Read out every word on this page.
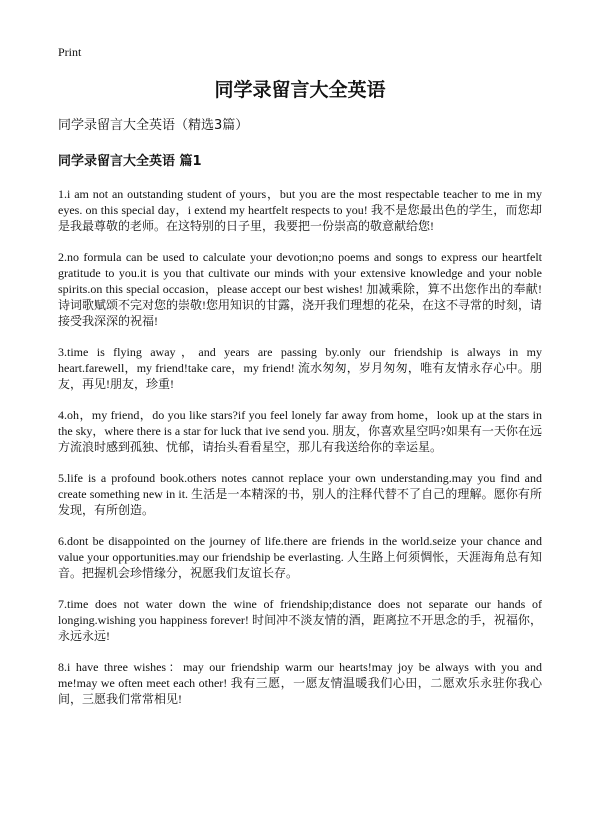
Print
同学录留言大全英语
同学录留言大全英语（精选3篇）
同学录留言大全英语 篇1
1.i am not an outstanding student of yours，but you are the most respectable teacher to me in my eyes. on this special day，i extend my heartfelt respects to you! 我不是您最出色的学生，而您却是我最尊敬的老师。在这特别的日子里，我要把一份崇高的敬意献给您!
2.no formula can be used to calculate your devotion;no poems and songs to express our heartfelt gratitude to you.it is you that cultivate our minds with your extensive knowledge and your noble spirits.on this special occasion，please accept our best wishes! 加减乘除，算不出您作出的奉献!诗词歌赋颂不完对您的崇敬!您用知识的甘露，浇开我们理想的花朵，在这不寻常的时刻，请接受我深深的祝福!
3.time is flying away，and years are passing by.only our friendship is always in my heart.farewell，my friend!take care，my friend! 流水匆匆，岁月匆匆，唯有友情永存心中。朋友，再见!朋友，珍重!
4.oh，my friend，do you like stars?if you feel lonely far away from home，look up at the stars in the sky，where there is a star for luck that ive send you. 朋友，你喜欢星空吗?如果有一天你在远方流浪时感到孤独、忧郁，请抬头看看星空，那儿有我送给你的幸运星。
5.life is a profound book.others notes cannot replace your own understanding.may you find and create something new in it. 生活是一本精深的书，别人的注释代替不了自己的理解。愿你有所发现，有所创造。
6.dont be disappointed on the journey of life.there are friends in the world.seize your chance and value your opportunities.may our friendship be everlasting. 人生路上何须惆怅，天涯海角总有知音。把握机会珍惜缘分，祝愿我们友谊长存。
7.time does not water down the wine of friendship;distance does not separate our hands of longing.wishing you happiness forever! 时间冲不淡友情的酒，距离拉不开思念的手，祝福你，永远永远!
8.i have three wishes：may our friendship warm our hearts!may joy be always with you and me!may we often meet each other! 我有三愿，一愿友情温暖我们心田，二愿欢乐永驻你我心间，三愿我们常常相见!
